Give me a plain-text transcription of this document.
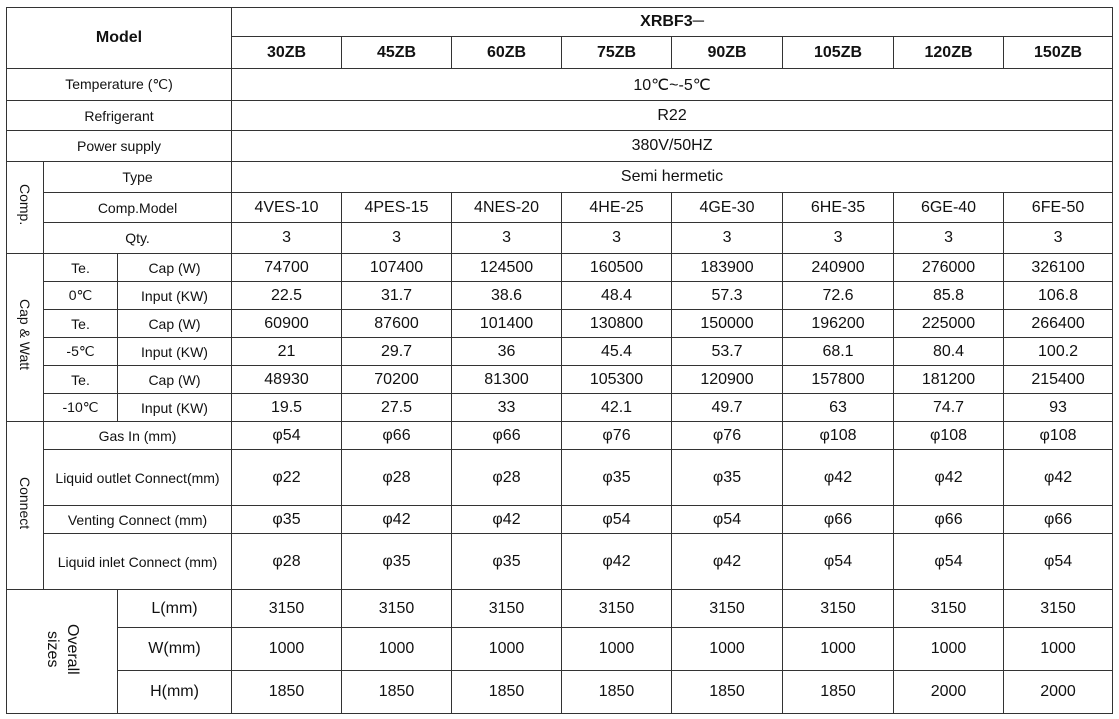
Model			XRBF3─							
			30ZB	45ZB	60ZB	75ZB	90ZB	105ZB	120ZB	150ZB
Temperature (℃)			10℃~-5℃							
Refrigerant			R22							
Power supply			380V/50HZ							
Comp.	Type		Semi hermetic							
	Comp.Model		4VES-10	4PES-15	4NES-20	4HE-25	4GE-30	6HE-35	6GE-40	6FE-50
	Qty.		3	3	3	3	3	3	3	3
Cap & Watt	Te.	Cap (W)	74700	107400	124500	160500	183900	240900	276000	326100
	0℃	Input (KW)	22.5	31.7	38.6	48.4	57.3	72.6	85.8	106.8
	Te.	Cap (W)	60900	87600	101400	130800	150000	196200	225000	266400
	-5℃	Input (KW)	21	29.7	36	45.4	53.7	68.1	80.4	100.2
	Te.	Cap (W)	48930	70200	81300	105300	120900	157800	181200	215400
	-10℃	Input (KW)	19.5	27.5	33	42.1	49.7	63	74.7	93
Connect	Gas In (mm)		φ54	φ66	φ66	φ76	φ76	φ108	φ108	φ108
	Liquid outlet Connect(mm)		φ22	φ28	φ28	φ35	φ35	φ42	φ42	φ42
	Venting Connect (mm)		φ35	φ42	φ42	φ54	φ54	φ66	φ66	φ66
	Liquid inlet Connect (mm)		φ28	φ35	φ35	φ42	φ42	φ54	φ54	φ54
Overall
sizes		L(mm)	3150	3150	3150	3150	3150	3150	3150	3150
		W(mm)	1000	1000	1000	1000	1000	1000	1000	1000
		H(mm)	1850	1850	1850	1850	1850	1850	2000	2000
